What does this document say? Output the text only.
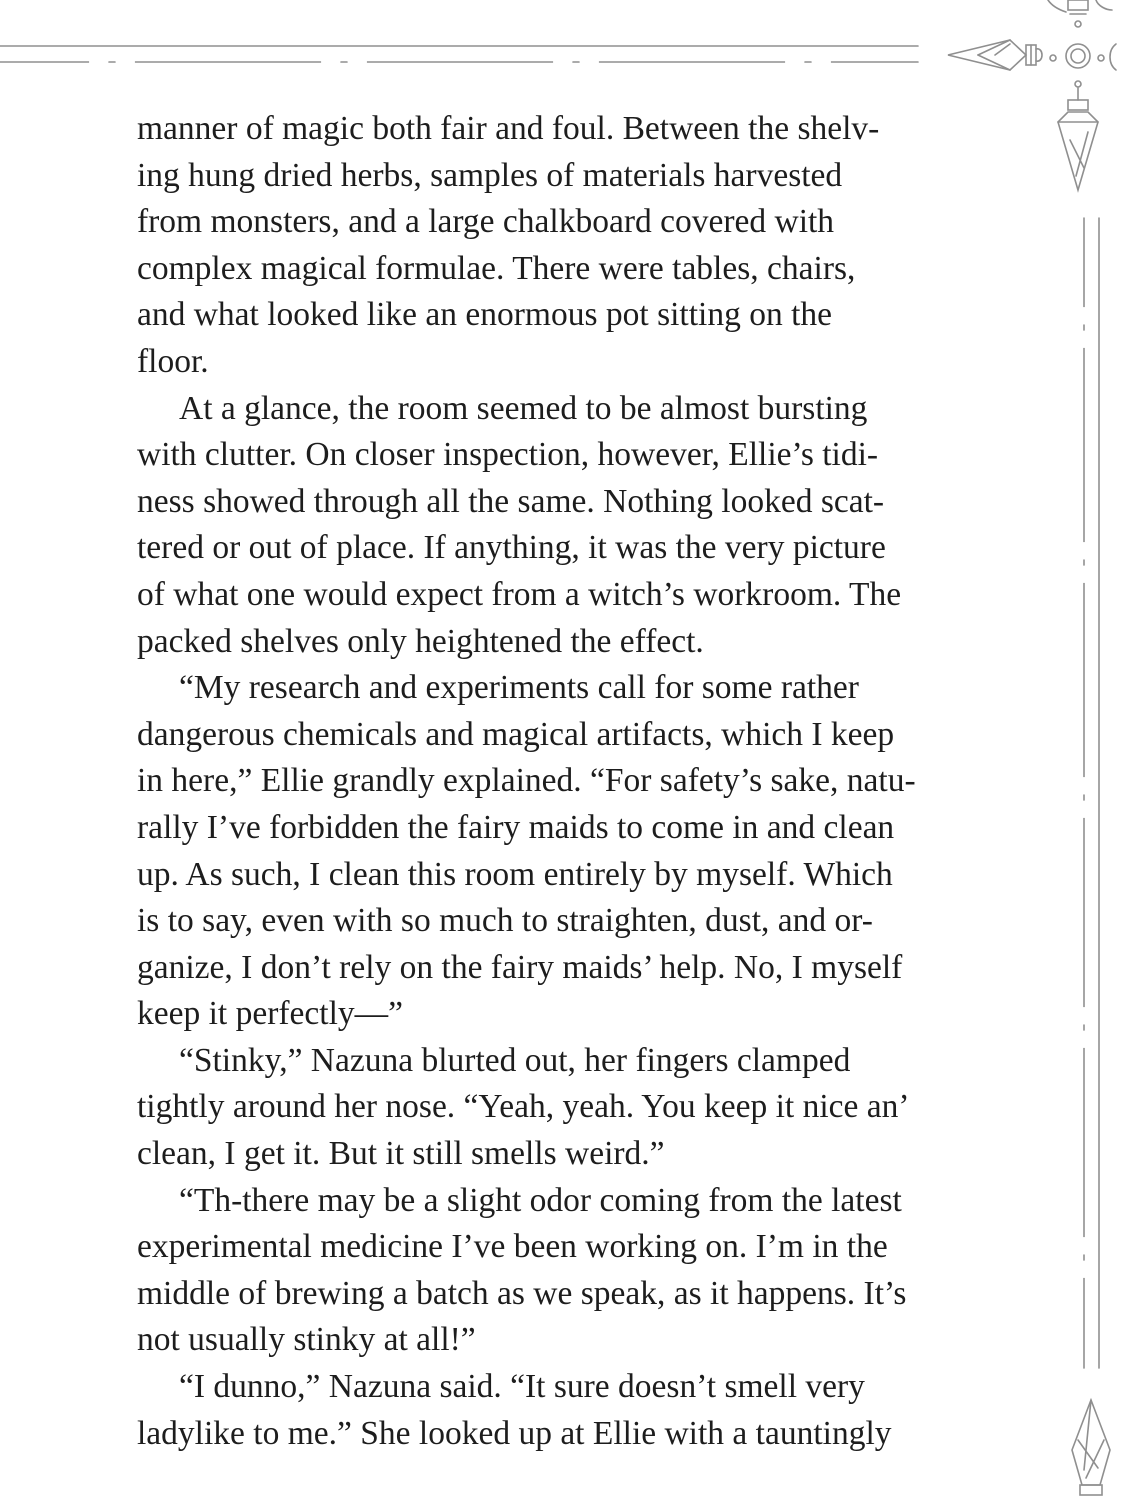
manner of magic both fair and foul. Between the shelv-
ing hung dried herbs, samples of materials harvested
from monsters, and a large chalkboard covered with
complex magical formulae. There were tables, chairs,
and what looked like an enormous pot sitting on the
floor.
At a glance, the room seemed to be almost bursting
with clutter. On closer inspection, however, Ellie’s tidi-
ness showed through all the same. Nothing looked scat-
tered or out of place. If anything, it was the very picture
of what one would expect from a witch’s workroom. The
packed shelves only heightened the effect.
“My research and experiments call for some rather
dangerous chemicals and magical artifacts, which I keep
in here,” Ellie grandly explained. “For safety’s sake, natu-
rally I’ve forbidden the fairy maids to come in and clean
up. As such, I clean this room entirely by myself. Which
is to say, even with so much to straighten, dust, and or-
ganize, I don’t rely on the fairy maids’ help. No, I myself
keep it perfectly—”
“Stinky,” Nazuna blurted out, her fingers clamped
tightly around her nose. “Yeah, yeah. You keep it nice an’
clean, I get it. But it still smells weird.”
“Th-there may be a slight odor coming from the latest
experimental medicine I’ve been working on. I’m in the
middle of brewing a batch as we speak, as it happens. It’s
not usually stinky at all!”
“I dunno,” Nazuna said. “It sure doesn’t smell very
ladylike to me.” She looked up at Ellie with a tauntingly
